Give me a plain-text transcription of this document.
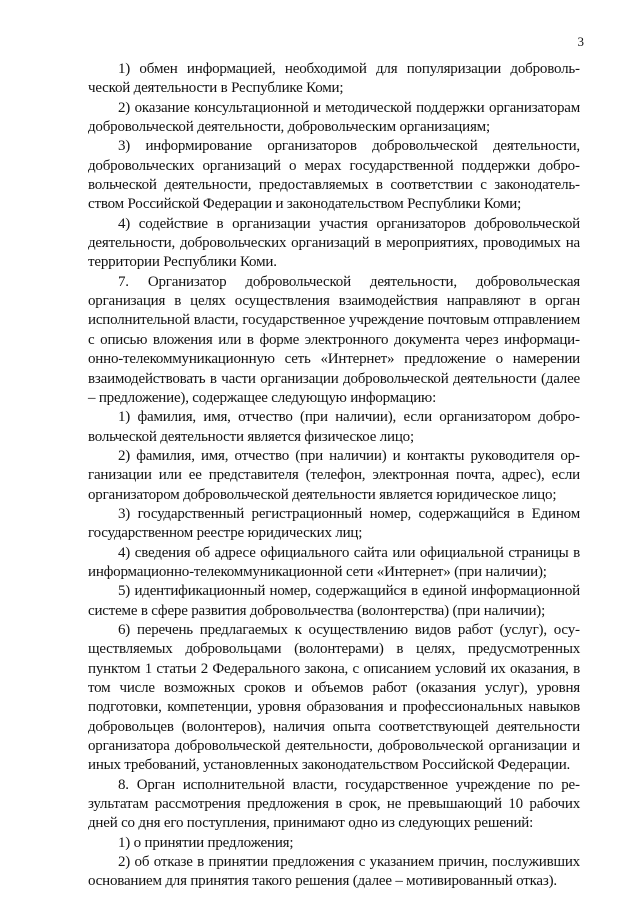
3

1) обмен информацией, необходимой для популяризации добровольческой деятельности в Республике Коми;

2) оказание консультационной и методической поддержки организаторам добровольческой деятельности, добровольческим организациям;

3) информирование организаторов добровольческой деятельности, добровольческих организаций о мерах государственной поддержки добровольческой деятельности, предоставляемых в соответствии с законодательством Российской Федерации и законодательством Республики Коми;

4) содействие в организации участия организаторов добровольческой деятельности, добровольческих организаций в мероприятиях, проводимых на территории Республики Коми.

7. Организатор добровольческой деятельности, добровольческая организация в целях осуществления взаимодействия направляют в орган исполнительной власти, государственное учреждение почтовым отправлением с описью вложения или в форме электронного документа через информационно-телекоммуникационную сеть «Интернет» предложение о намерении взаимодействовать в части организации добровольческой деятельности (далее – предложение), содержащее следующую информацию:

1) фамилия, имя, отчество (при наличии), если организатором добровольческой деятельности является физическое лицо;

2) фамилия, имя, отчество (при наличии) и контакты руководителя организации или ее представителя (телефон, электронная почта, адрес), если организатором добровольческой деятельности является юридическое лицо;

3) государственный регистрационный номер, содержащийся в Едином государственном реестре юридических лиц;

4) сведения об адресе официального сайта или официальной страницы в информационно-телекоммуникационной сети «Интернет» (при наличии);

5) идентификационный номер, содержащийся в единой информационной системе в сфере развития добровольчества (волонтерства) (при наличии);

6) перечень предлагаемых к осуществлению видов работ (услуг), осуществляемых добровольцами (волонтерами) в целях, предусмотренных пунктом 1 статьи 2 Федерального закона, с описанием условий их оказания, в том числе возможных сроков и объемов работ (оказания услуг), уровня подготовки, компетенции, уровня образования и профессиональных навыков добровольцев (волонтеров), наличия опыта соответствующей деятельности организатора добровольческой деятельности, добровольческой организации и иных требований, установленных законодательством Российской Федерации.

8. Орган исполнительной власти, государственное учреждение по результатам рассмотрения предложения в срок, не превышающий 10 рабочих дней со дня его поступления, принимают одно из следующих решений:

1) о принятии предложения;

2) об отказе в принятии предложения с указанием причин, послуживших основанием для принятия такого решения (далее – мотивированный отказ).
